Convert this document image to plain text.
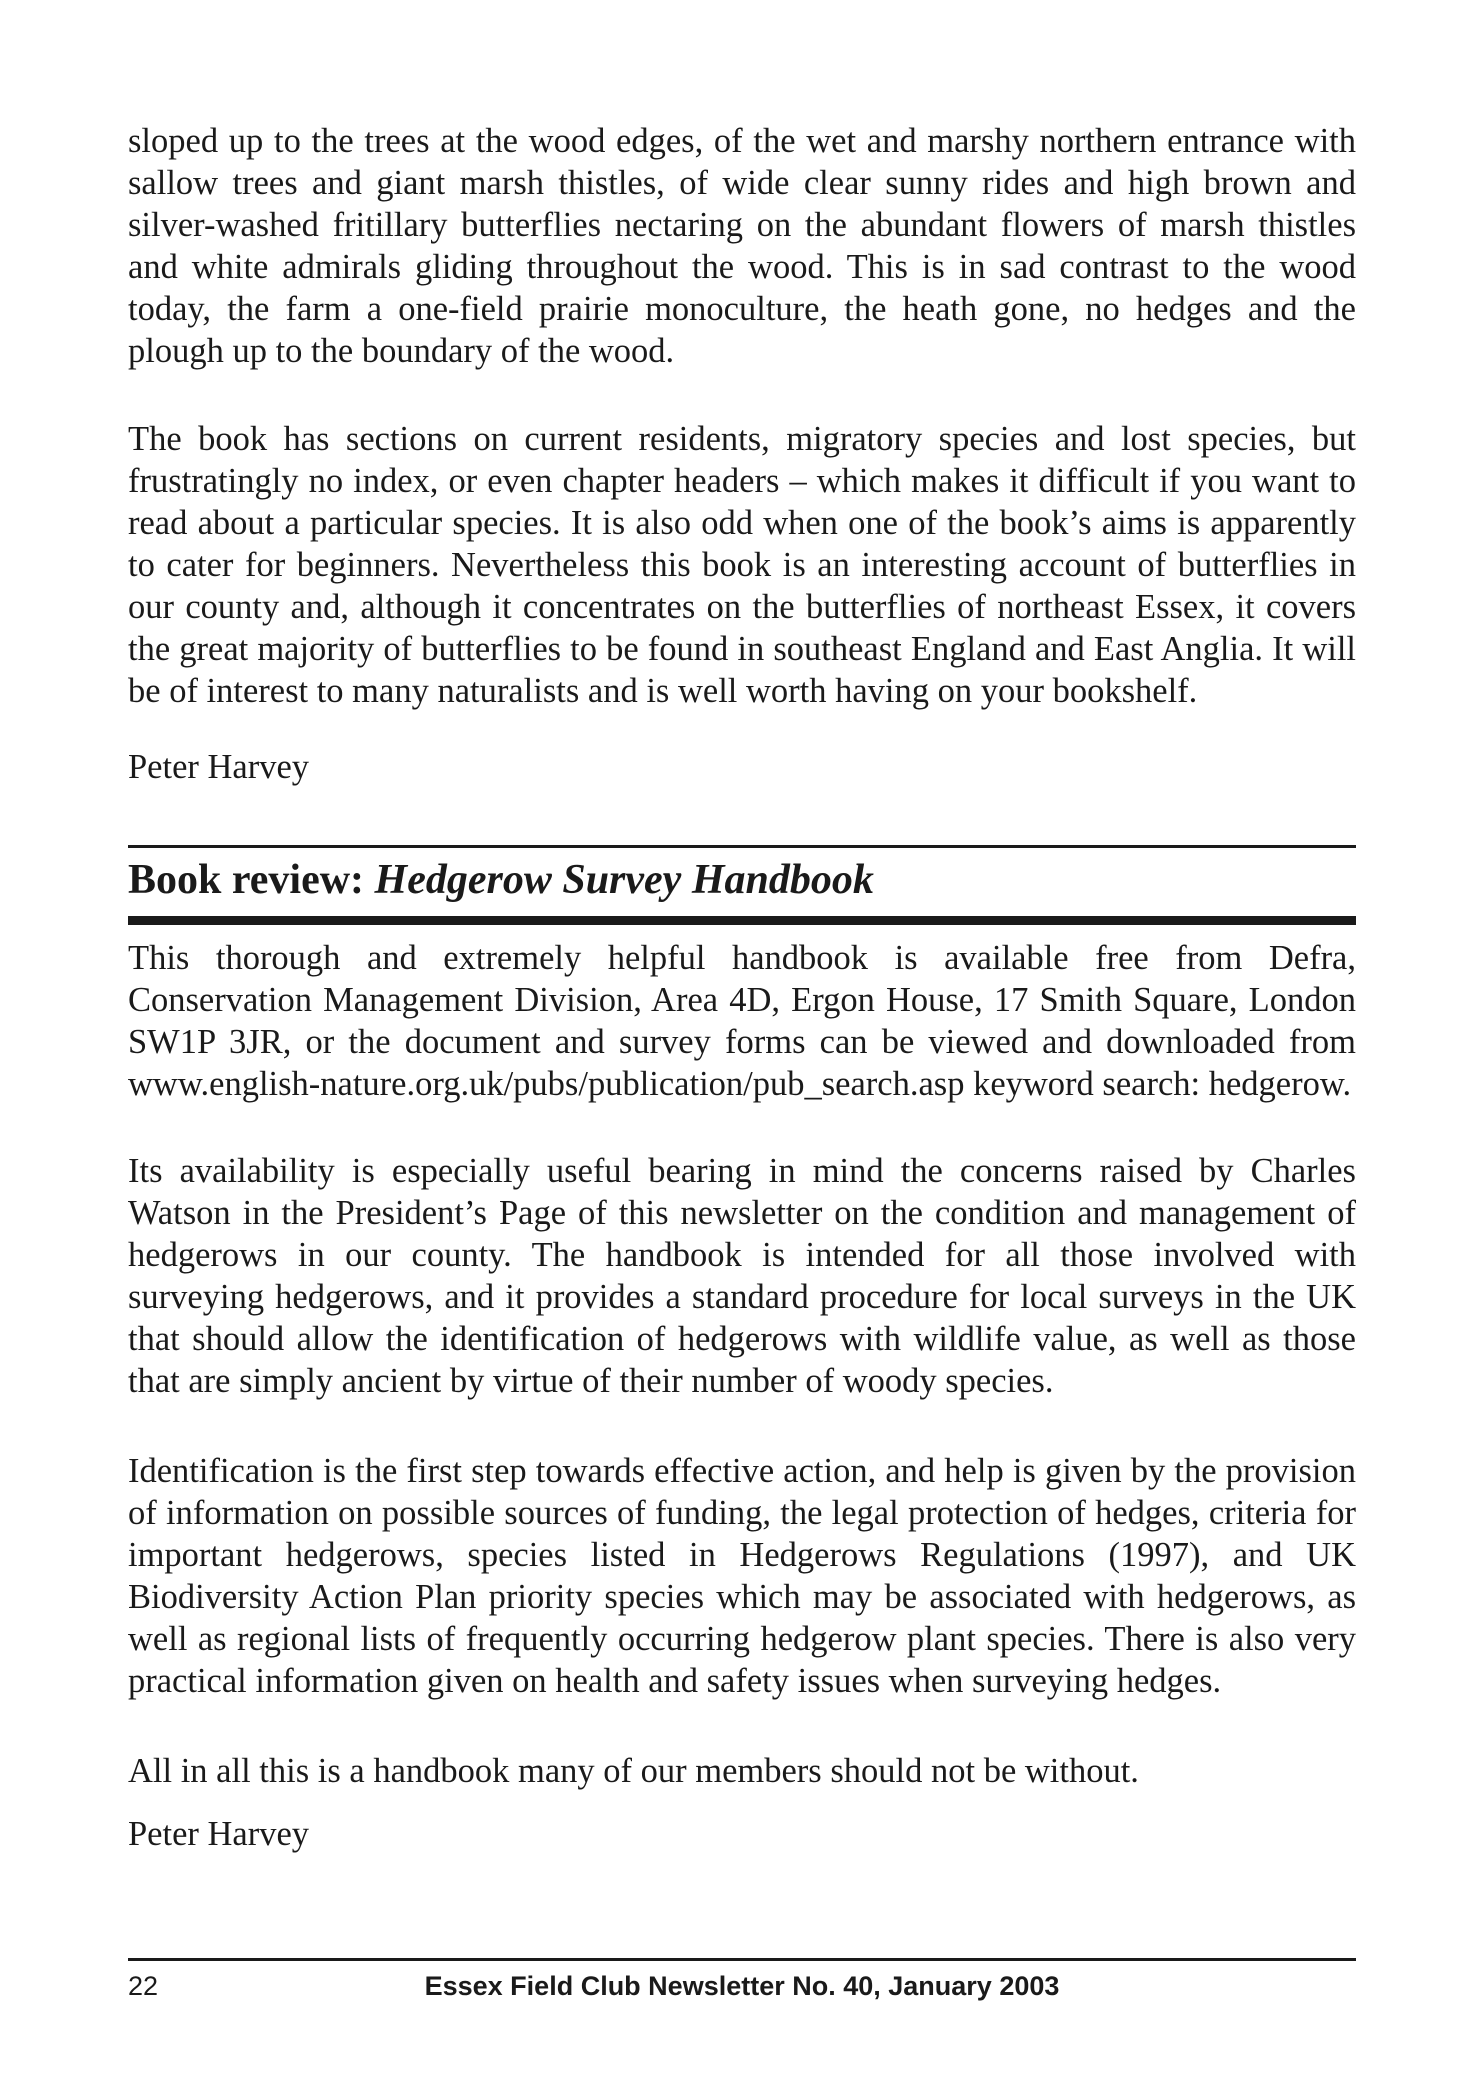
sloped up to the trees at the wood edges, of the wet and marshy northern entrance with sallow trees and giant marsh thistles, of wide clear sunny rides and high brown and silver-washed fritillary butterflies nectaring on the abundant flowers of marsh thistles and white admirals gliding throughout the wood. This is in sad contrast to the wood today, the farm a one-field prairie monoculture, the heath gone, no hedges and the plough up to the boundary of the wood.

The book has sections on current residents, migratory species and lost species, but frustratingly no index, or even chapter headers – which makes it difficult if you want to read about a particular species. It is also odd when one of the book’s aims is apparently to cater for beginners. Nevertheless this book is an interesting account of butterflies in our county and, although it concentrates on the butterflies of northeast Essex, it covers the great majority of butterflies to be found in southeast England and East Anglia. It will be of interest to many naturalists and is well worth having on your bookshelf.

Peter Harvey

Book review: Hedgerow Survey Handbook

This thorough and extremely helpful handbook is available free from Defra, Conservation Management Division, Area 4D, Ergon House, 17 Smith Square, London SW1P 3JR, or the document and survey forms can be viewed and downloaded from www.english-nature.org.uk/pubs/publication/pub_search.asp keyword search: hedgerow.

Its availability is especially useful bearing in mind the concerns raised by Charles Watson in the President’s Page of this newsletter on the condition and management of hedgerows in our county. The handbook is intended for all those involved with surveying hedgerows, and it provides a standard procedure for local surveys in the UK that should allow the identification of hedgerows with wildlife value, as well as those that are simply ancient by virtue of their number of woody species.

Identification is the first step towards effective action, and help is given by the provision of information on possible sources of funding, the legal protection of hedges, criteria for important hedgerows, species listed in Hedgerows Regulations (1997), and UK Biodiversity Action Plan priority species which may be associated with hedgerows, as well as regional lists of frequently occurring hedgerow plant species. There is also very practical information given on health and safety issues when surveying hedges.

All in all this is a handbook many of our members should not be without.

Peter Harvey

22	Essex Field Club Newsletter No. 40, January 2003
